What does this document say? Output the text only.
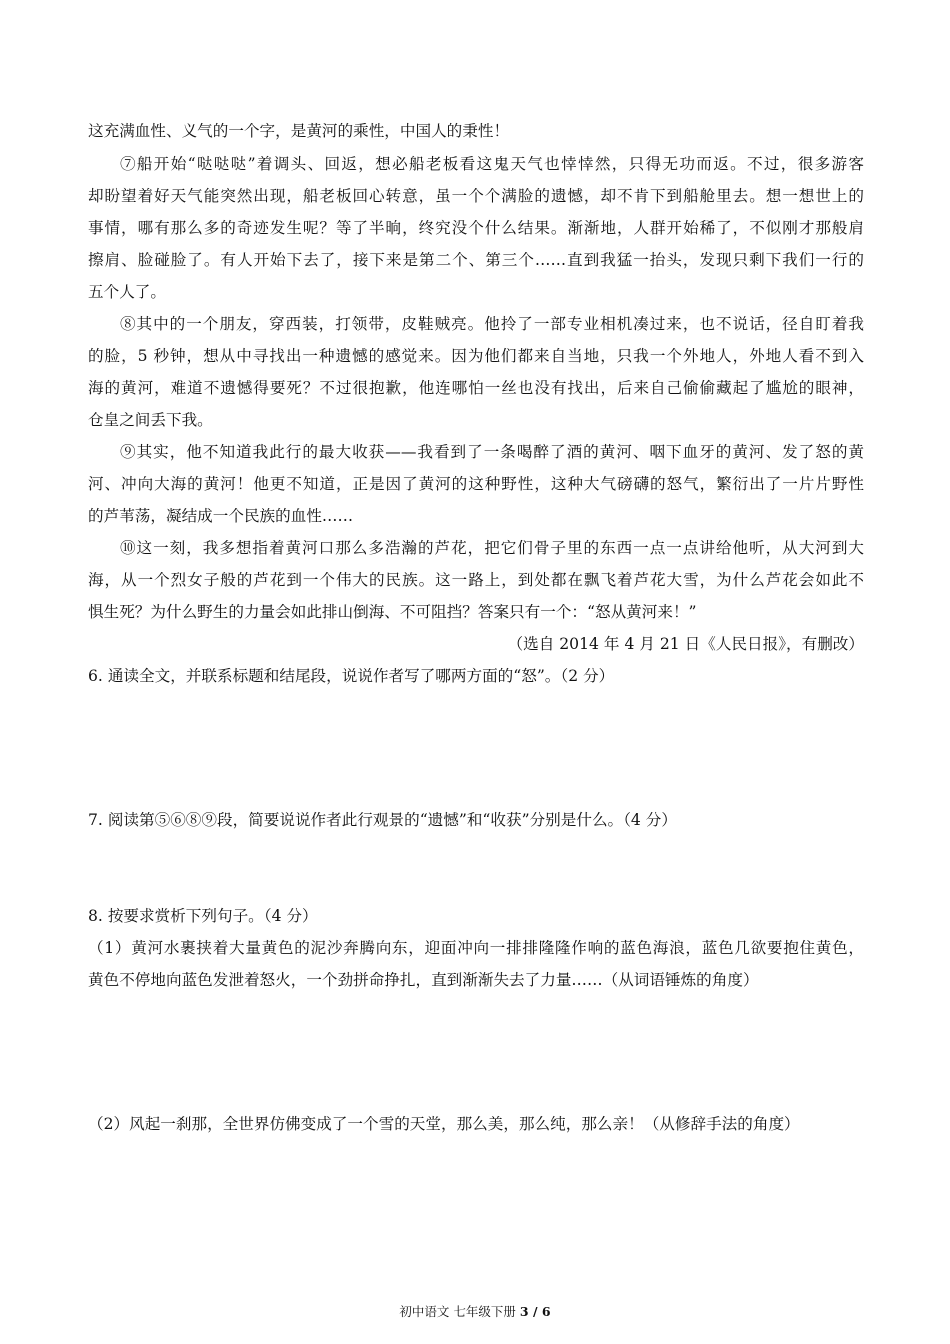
这充满血性、义气的一个字，是黄河的乘性，中国人的秉性！
⑦船开始“哒哒哒”着调头、回返，想必船老板看这鬼天气也悻悻然，只得无功而返。不过，很多游客
却盼望着好天气能突然出现，船老板回心转意，虽一个个满脸的遗憾，却不肯下到船舱里去。想一想世上的
事情，哪有那么多的奇迹发生呢？等了半晌，终究没个什么结果。渐渐地，人群开始稀了，不似刚才那般肩
擦肩、脸碰脸了。有人开始下去了，接下来是第二个、第三个……直到我猛一抬头，发现只剩下我们一行的
五个人了。
⑧其中的一个朋友，穿西装，打领带，皮鞋贼亮。他拎了一部专业相机凑过来，也不说话，径自盯着我
的脸，5 秒钟，想从中寻找出一种遗憾的感觉来。因为他们都来自当地，只我一个外地人，外地人看不到入
海的黄河，难道不遗憾得要死？不过很抱歉，他连哪怕一丝也没有找出，后来自己偷偷藏起了尴尬的眼神，
仓皇之间丢下我。
⑨其实，他不知道我此行的最大收获——我看到了一条喝醉了酒的黄河、咽下血牙的黄河、发了怒的黄
河、冲向大海的黄河！他更不知道，正是因了黄河的这种野性，这种大气磅礴的怒气，繁衍出了一片片野性
的芦苇荡，凝结成一个民族的血性……
⑩这一刻，我多想指着黄河口那么多浩瀚的芦花，把它们骨子里的东西一点一点讲给他听，从大河到大
海，从一个烈女子般的芦花到一个伟大的民族。这一路上，到处都在飘飞着芦花大雪，为什么芦花会如此不
惧生死？为什么野生的力量会如此排山倒海、不可阻挡？答案只有一个：“怒从黄河来！”
（选自 2014 年 4 月 21 日《人民日报》，有删改）
6. 通读全文，并联系标题和结尾段，说说作者写了哪两方面的“怒”。（2 分）
7. 阅读第⑤⑥⑧⑨段，简要说说作者此行观景的“遗憾”和“收获”分别是什么。（4 分）
8. 按要求赏析下列句子。（4 分）
（1）黄河水裹挟着大量黄色的泥沙奔腾向东，迎面冲向一排排隆隆作响的蓝色海浪，蓝色几欲要抱住黄色，
黄色不停地向蓝色发泄着怒火，一个劲拼命挣扎，直到渐渐失去了力量……（从词语锤炼的角度）
（2）风起一刹那，全世界仿佛变成了一个雪的天堂，那么美，那么纯，那么亲！（从修辞手法的角度）
初中语文 七年级下册 3 / 6
